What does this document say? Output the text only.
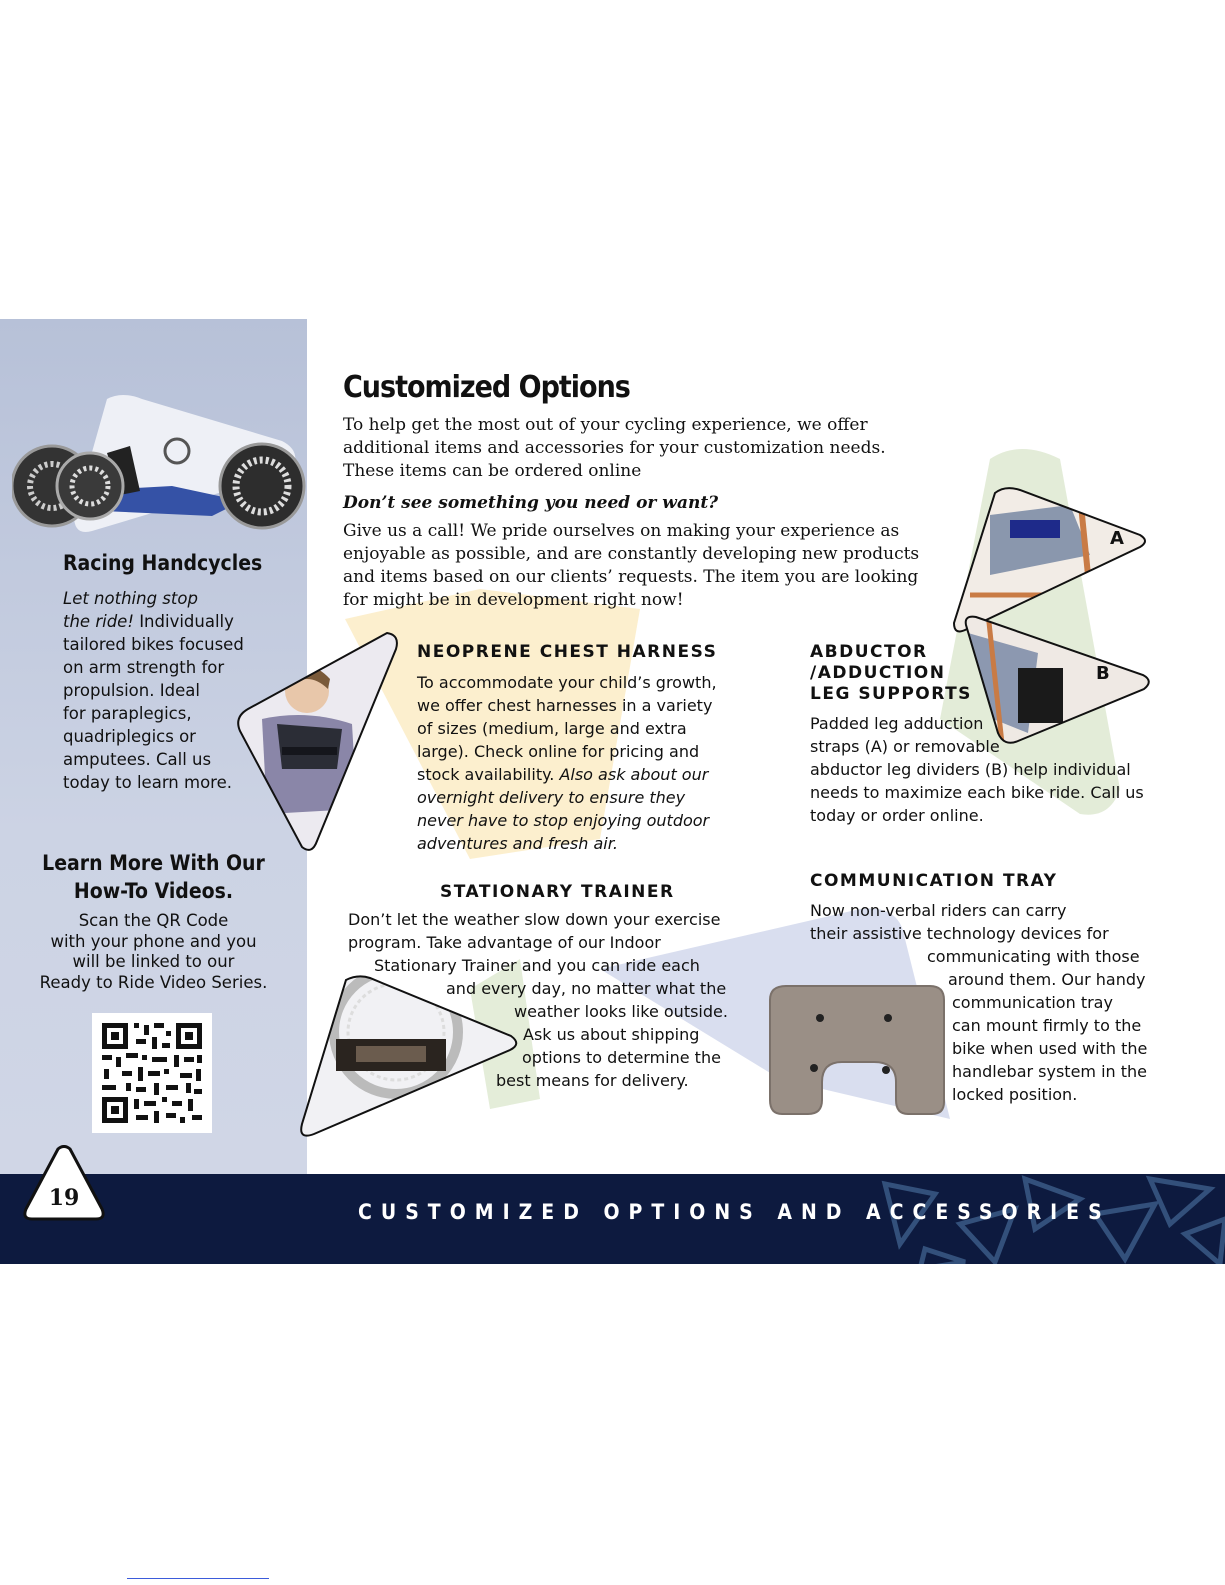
Racing Handcycles

Let nothing stop
the ride! Individually
tailored bikes focused
on arm strength for
propulsion. Ideal
for paraplegics,
quadriplegics or
amputees. Call us
today to learn more.

Learn More With Our
How-To Videos.

Scan the QR Code
with your phone and you
will be linked to our
Ready to Ride Video Series.

Customized Options

To help get the most out of your cycling experience, we offer
additional items and accessories for your customization needs.
These items can be ordered online

Don’t see something you need or want?

Give us a call! We pride ourselves on making your experience as
enjoyable as possible, and are constantly developing new products
and items based on our clients’ requests. The item you are looking
for might be in development right now!

NEOPRENE CHEST HARNESS

To accommodate your child’s growth,
we offer chest harnesses in a variety
of sizes (medium, large and extra
large). Check online for pricing and
stock availability. Also ask about our
overnight delivery to ensure they
never have to stop enjoying outdoor
adventures and fresh air.

A
B
ABDUCTOR
/ADDUCTION
LEG SUPPORTS

Padded leg adduction
straps (A) or removable
abductor leg dividers (B) help individual
needs to maximize each bike ride. Call us
today or order online.

STATIONARY TRAINER

Don’t let the weather slow down your exercise
program. Take advantage of our Indoor
Stationary Trainer and you can ride each
and every day, no matter what the
weather looks like outside.
Ask us about shipping
options to determine the
best means for delivery.

COMMUNICATION TRAY

Now non-verbal riders can carry
their assistive technology devices for
communicating with those
around them. Our handy
communication tray
can mount firmly to the
bike when used with the
handlebar system in the
locked position.

CUSTOMIZED OPTIONS AND ACCESSORIES
19
